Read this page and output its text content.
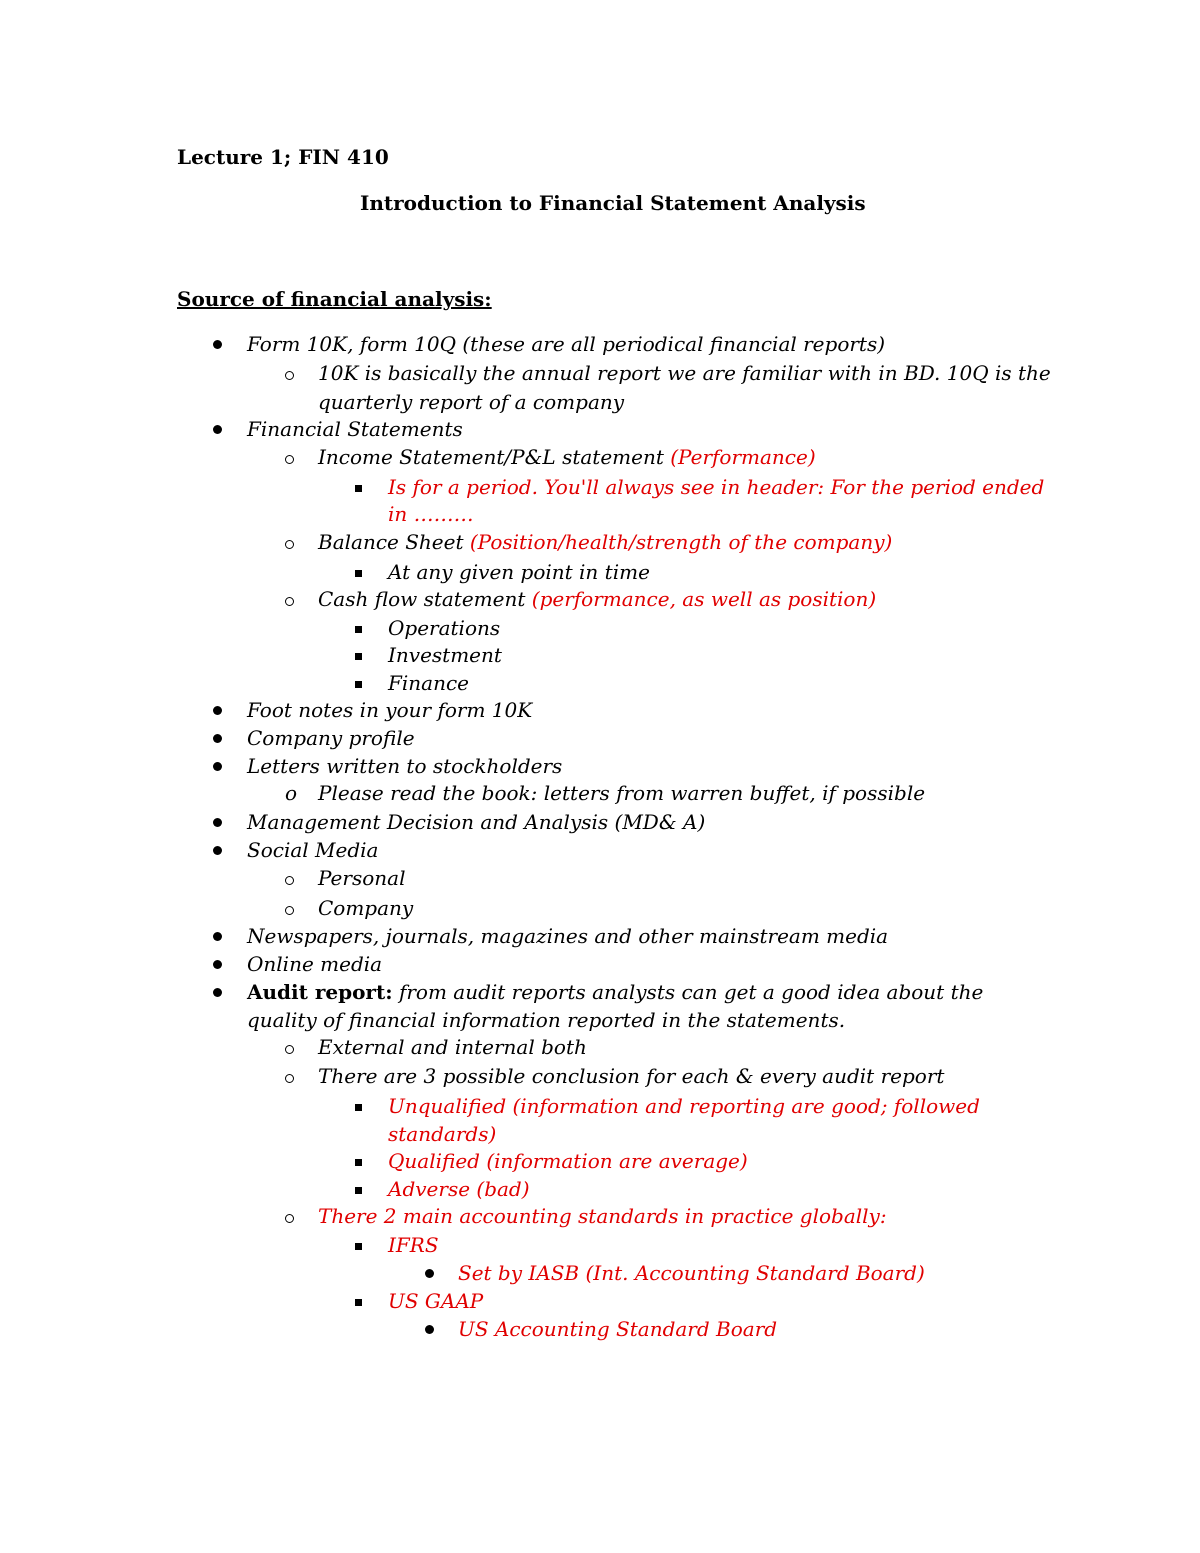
Lecture 1; FIN 410
Introduction to Financial Statement Analysis
Source of financial analysis:
Form 10K, form 10Q (these are all periodical financial reports)
10K is basically the annual report we are familiar with in BD. 10Q is the
quarterly report of a company
Financial Statements
Income Statement/P&L statement (Performance)
Is for a period. You'll always see in header: For the period ended
in ………
Balance Sheet (Position/health/strength of the company)
At any given point in time
Cash flow statement (performance, as well as position)
Operations
Investment
Finance
Foot notes in your form 10K
Company profile
Letters written to stockholders
o Please read the book: letters from warren buffet, if possible
Management Decision and Analysis (MD& A)
Social Media
Personal
Company
Newspapers, journals, magazines and other mainstream media
Online media
Audit report: from audit reports analysts can get a good idea about the
quality of financial information reported in the statements.
External and internal both
There are 3 possible conclusion for each & every audit report
Unqualified (information and reporting are good; followed
standards)
Qualified (information are average)
Adverse (bad)
There 2 main accounting standards in practice globally:
IFRS
Set by IASB (Int. Accounting Standard Board)
US GAAP
US Accounting Standard Board
